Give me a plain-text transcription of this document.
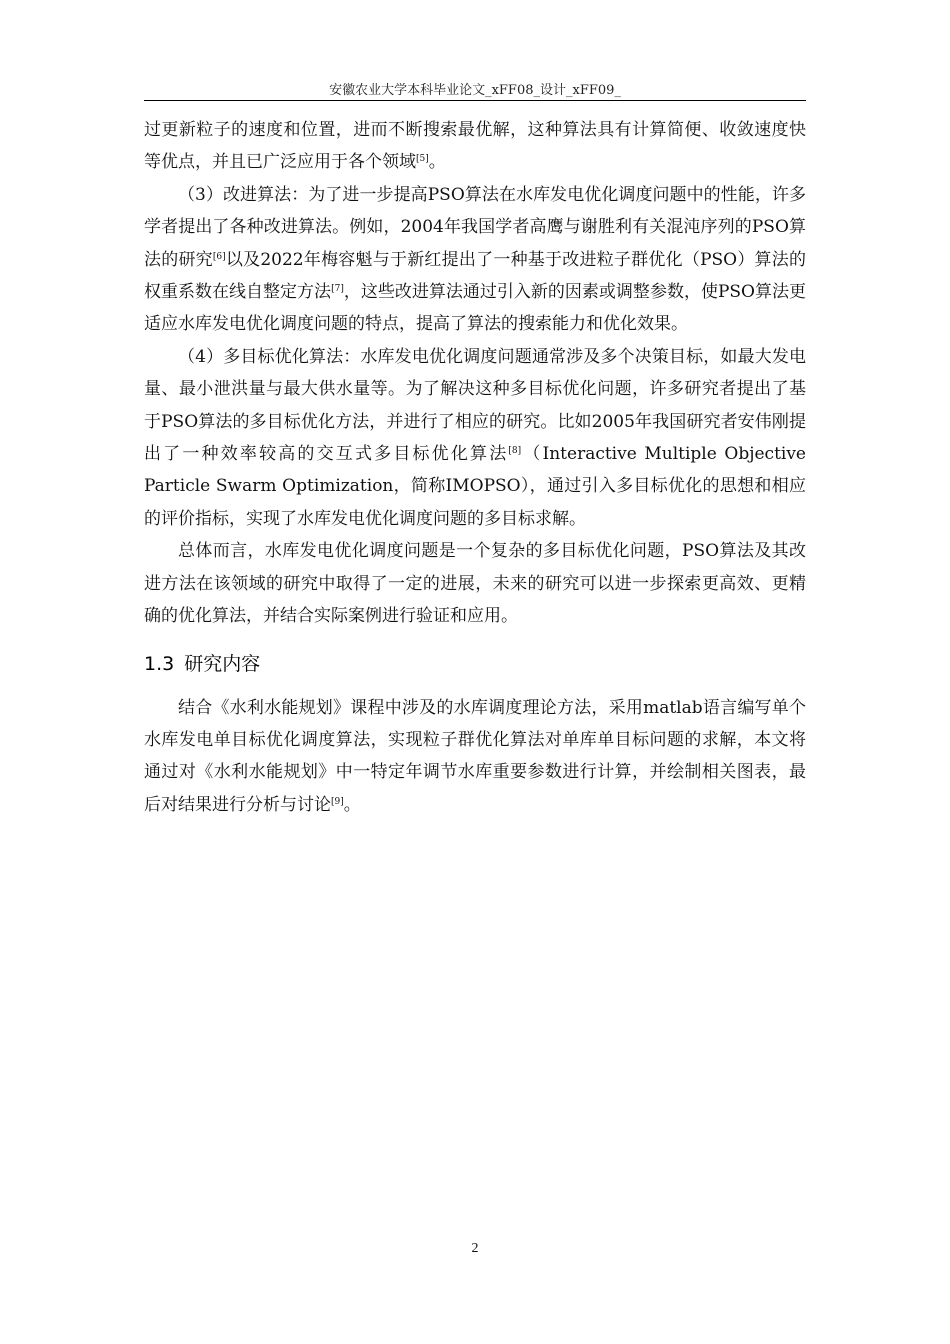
安徽农业大学本科毕业论文_xFF08_设计_xFF09_

过更新粒子的速度和位置，进而不断搜索最优解，这种算法具有计算简便、收敛速度快等优点，并且已广泛应用于各个领域[5]。

（3）改进算法：为了进一步提高PSO算法在水库发电优化调度问题中的性能，许多学者提出了各种改进算法。例如，2004年我国学者高鹰与谢胜利有关混沌序列的PSO算法的研究[6]以及2022年梅容魁与于新红提出了一种基于改进粒子群优化（PSO）算法的权重系数在线自整定方法[7]，这些改进算法通过引入新的因素或调整参数，使PSO算法更适应水库发电优化调度问题的特点，提高了算法的搜索能力和优化效果。

（4）多目标优化算法：水库发电优化调度问题通常涉及多个决策目标，如最大发电量、最小泄洪量与最大供水量等。为了解决这种多目标优化问题，许多研究者提出了基于PSO算法的多目标优化方法，并进行了相应的研究。比如2005年我国研究者安伟刚提出了一种效率较高的交互式多目标优化算法[8]（Interactive Multiple Objective Particle Swarm Optimization，简称IMOPSO），通过引入多目标优化的思想和相应的评价指标，实现了水库发电优化调度问题的多目标求解。

总体而言，水库发电优化调度问题是一个复杂的多目标优化问题，PSO算法及其改进方法在该领域的研究中取得了一定的进展，未来的研究可以进一步探索更高效、更精确的优化算法，并结合实际案例进行验证和应用。

1.3 研究内容

结合《水利水能规划》课程中涉及的水库调度理论方法，采用matlab语言编写单个水库发电单目标优化调度算法，实现粒子群优化算法对单库单目标问题的求解，本文将通过对《水利水能规划》中一特定年调节水库重要参数进行计算，并绘制相关图表，最后对结果进行分析与讨论[9]。

2
